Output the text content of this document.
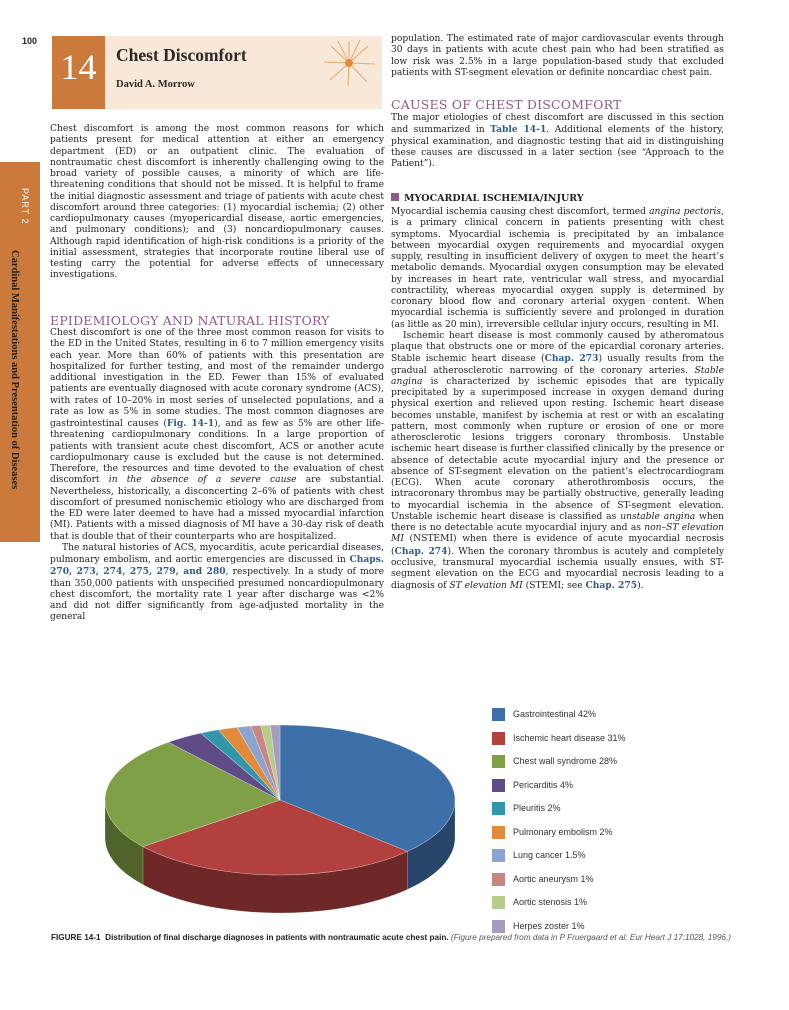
100
14	Chest Discomfort
David A. Morrow
PART 2
Cardinal Manifestations and Presentation of Diseases

Chest discomfort is among the most common reasons for which patients present for medical attention at either an emergency department (ED) or an outpatient clinic. The evaluation of nontraumatic chest discomfort is inherently challenging owing to the broad variety of possible causes, a minority of which are life-threatening conditions that should not be missed. It is helpful to frame the initial diagnostic assessment and triage of patients with acute chest discomfort around three categories: (1) myocardial ischemia; (2) other cardiopulmonary causes (myopericardial disease, aortic emergencies, and pulmonary conditions); and (3) noncardiopulmonary causes. Although rapid identification of high-risk conditions is a priority of the initial assessment, strategies that incorporate routine liberal use of testing carry the potential for adverse effects of unnecessary investigations.

EPIDEMIOLOGY AND NATURAL HISTORY

Chest discomfort is one of the three most common reason for visits to the ED in the United States, resulting in 6 to 7 million emergency visits each year. More than 60% of patients with this presentation are hospitalized for further testing, and most of the remainder undergo additional investigation in the ED. Fewer than 15% of evaluated patients are eventually diagnosed with acute coronary syndrome (ACS), with rates of 10–20% in most series of unselected populations, and a rate as low as 5% in some studies. The most common diagnoses are gastrointestinal causes (Fig. 14-1), and as few as 5% are other life-threatening cardiopulmonary conditions. In a large proportion of patients with transient acute chest discomfort, ACS or another acute cardiopulmonary cause is excluded but the cause is not determined. Therefore, the resources and time devoted to the evaluation of chest discomfort in the absence of a severe cause are substantial. Nevertheless, historically, a disconcerting 2–6% of patients with chest discomfort of presumed nonischemic etiology who are discharged from the ED were later deemed to have had a missed myocardial infarction (MI). Patients with a missed diagnosis of MI have a 30-day risk of death that is double that of their counterparts who are hospitalized.

The natural histories of ACS, myocarditis, acute pericardial diseases, pulmonary embolism, and aortic emergencies are discussed in Chaps. 270, 273, 274, 275, 279, and 280, respectively. In a study of more than 350,000 patients with unspecified presumed noncardiopulmonary chest discomfort, the mortality rate 1 year after discharge was <2% and did not differ significantly from age-adjusted mortality in the general

population. The estimated rate of major cardiovascular events through 30 days in patients with acute chest pain who had been stratified as low risk was 2.5% in a large population-based study that excluded patients with ST-segment elevation or definite noncardiac chest pain.

CAUSES OF CHEST DISCOMFORT

The major etiologies of chest discomfort are discussed in this section and summarized in Table 14-1. Additional elements of the history, physical examination, and diagnostic testing that aid in distinguishing these causes are discussed in a later section (see “Approach to the Patient”).

MYOCARDIAL ISCHEMIA/INJURY

Myocardial ischemia causing chest discomfort, termed angina pectoris, is a primary clinical concern in patients presenting with chest symptoms. Myocardial ischemia is precipitated by an imbalance between myocardial oxygen requirements and myocardial oxygen supply, resulting in insufficient delivery of oxygen to meet the heart’s metabolic demands. Myocardial oxygen consumption may be elevated by increases in heart rate, ventricular wall stress, and myocardial contractility, whereas myocardial oxygen supply is determined by coronary blood flow and coronary arterial oxygen content. When myocardial ischemia is sufficiently severe and prolonged in duration (as little as 20 min), irreversible cellular injury occurs, resulting in MI.

Ischemic heart disease is most commonly caused by atheromatous plaque that obstructs one or more of the epicardial coronary arteries. Stable ischemic heart disease (Chap. 273) usually results from the gradual atherosclerotic narrowing of the coronary arteries. Stable angina is characterized by ischemic episodes that are typically precipitated by a superimposed increase in oxygen demand during physical exertion and relieved upon resting. Ischemic heart disease becomes unstable, manifest by ischemia at rest or with an escalating pattern, most commonly when rupture or erosion of one or more atherosclerotic lesions triggers coronary thrombosis. Unstable ischemic heart disease is further classified clinically by the presence or absence of detectable acute myocardial injury and the presence or absence of ST-segment elevation on the patient’s electrocardiogram (ECG). When acute coronary atherothrombosis occurs, the intracoronary thrombus may be partially obstructive, generally leading to myocardial ischemia in the absence of ST-segment elevation. Unstable ischemic heart disease is classified as unstable angina when there is no detectable acute myocardial injury and as non–ST elevation MI (NSTEMI) when there is evidence of acute myocardial necrosis (Chap. 274). When the coronary thrombus is acutely and completely occlusive, transmural myocardial ischemia usually ensues, with ST-segment elevation on the ECG and myocardial necrosis leading to a diagnosis of ST elevation MI (STEMI; see Chap. 275).

Gastrointestinal 42%
Ischemic heart disease 31%
Chest wall syndrome 28%
Pericarditis 4%
Pleuritis 2%
Pulmonary embolism 2%
Lung cancer 1.5%
Aortic aneurysm 1%
Aortic stenosis 1%
Herpes zoster 1%
FIGURE 14-1 Distribution of final discharge diagnoses in patients with nontraumatic acute chest pain. (Figure prepared from data in P Fruergaard et al: Eur Heart J 17:1028, 1996.)
